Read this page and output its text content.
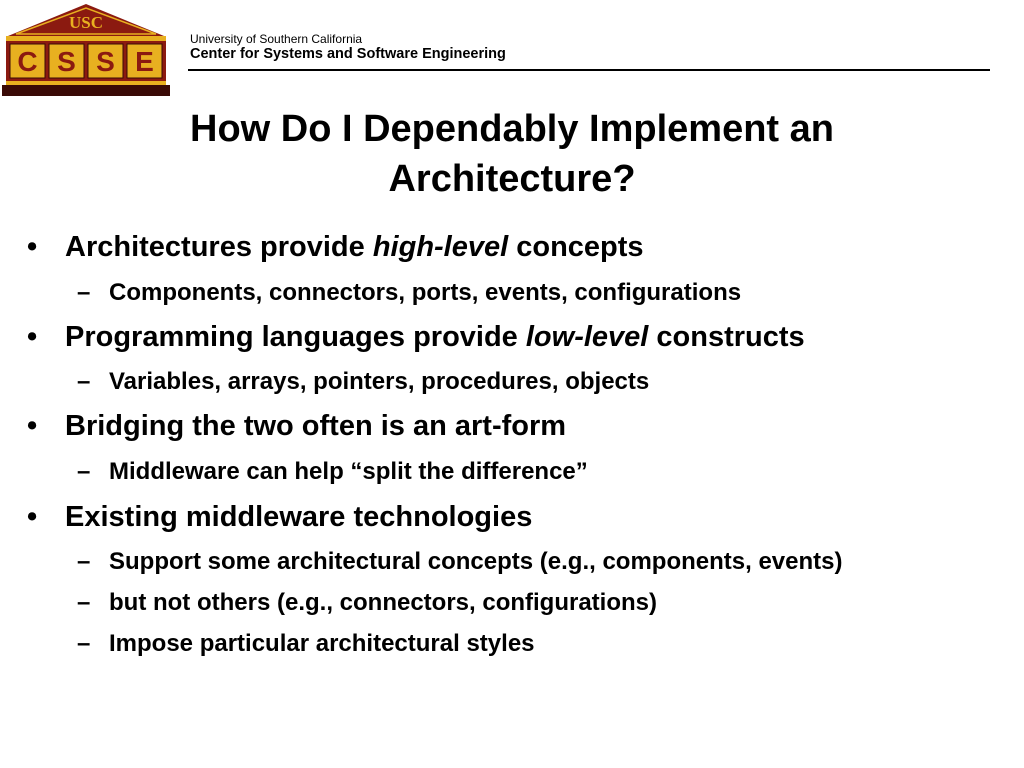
USC
C S S E
University of Southern California
Center for Systems and Software Engineering
How Do I Dependably Implement an
Architecture?
• Architectures provide high-level concepts
– Components, connectors, ports, events, configurations
• Programming languages provide low-level constructs
– Variables, arrays, pointers, procedures, objects
• Bridging the two often is an art-form
– Middleware can help “split the difference”
• Existing middleware technologies
– Support some architectural concepts (e.g., components, events)
– but not others (e.g., connectors, configurations)
– Impose particular architectural styles
